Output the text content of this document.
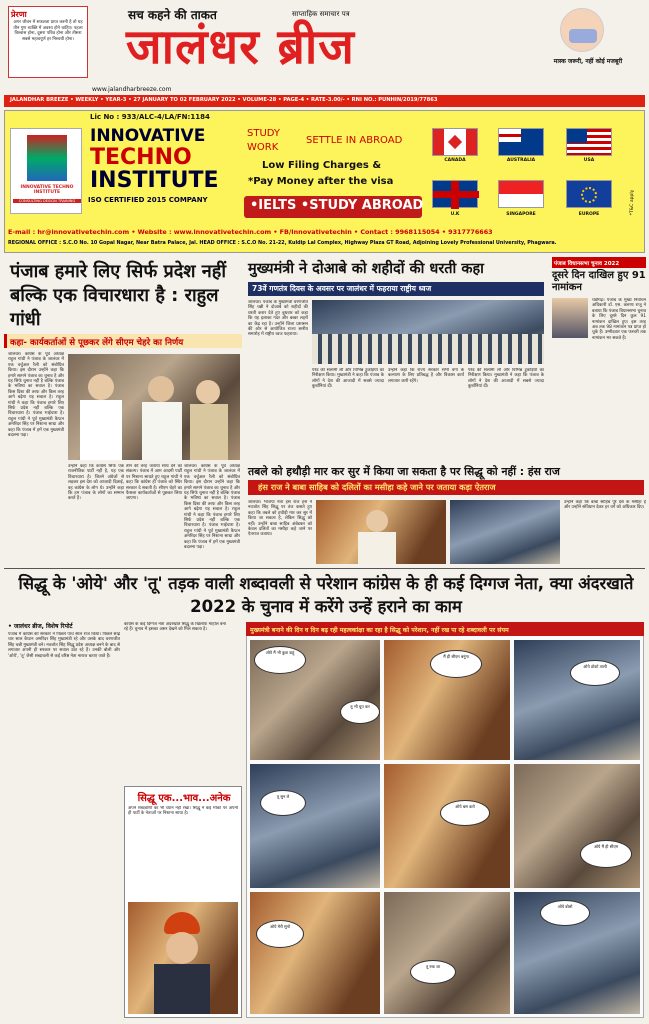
प्रेरणा
अगर जीवन में सफलता प्राप्त करनी है तो यह तीन गुण व्यक्ति में अवश्य होने चाहिए। पहला विश्वास होना, दूसरा पवित्र होना और तीसरा सबसे महत्वपूर्ण हर निश्चयी होना।
सच कहने की ताकत	साप्ताहिक समाचार पत्र
जालंधर ब्रीज	मास्क जरूरी, नहीं कोई मजबूरी
www.jalandharbreeze.com
JALANDHAR BREEZE • WEEKLY • YEAR-3 • 27 JANUARY TO 02 FEBRUARY 2022 • VOLUME-28 • PAGE-4 • RATE-3.00/- • RNI NO.: PUNHIN/2019/77863
Lic No : 933/ALC-4/LA/FN:1184
INNOVATIVE TECHNO INSTITUTE
CONSULTING DESIGN TRAINING
INNOVATIVE
TECHNO
INSTITUTE
ISO CERTIFIED 2015 COMPANY
STUDY
WORK
SETTLE IN ABROAD
Low Filing Charges &
*Pay Money after the visa
•IELTS •STUDY ABROAD
CANADA	AUSTRALIA	USA
U.K	SINGAPORE	EUROPE	*T&C apply
E-mail : hr@innovativetechin.com • Website : www.innovativetechin.com • FB/Innovativetechin • Contact : 9968115054 • 9317776663
REGIONAL OFFICE : S.C.O No. 10 Gopal Nagar, Near Batra Palace, Jal. HEAD OFFICE : S.C.O No. 21-22, Kuldip Lal Complex, Highway Plaza GT Road, Adjoining Lovely Professional University, Phagwara.
पंजाब हमारे लिए सिर्फ प्रदेश नहीं बल्कि एक विचारधारा है : राहुल गांधी
कहा- कार्यकर्ताओं से पूछकर लेंगे सीएम चेहरे का निर्णय
जालंधर। कांग्रेस के पूर्व अध्यक्ष राहुल गांधी ने पंजाब के जालंधर में एक वर्चुअल रैली को संबोधित किया। इस दौरान उन्होंने कहा कि हमारे सामने पंजाब का चुनाव है और यह सिर्फ चुनाव नहीं है बल्कि पंजाब के भविष्य का सवाल है। पंजाब किस दिशा की तरफ और किस तरह आगे बढ़ेगा यह सवाल है। राहुल गांधी ने कहा कि पंजाब हमारे लिए सिर्फ प्रदेश नहीं बल्कि एक विचारधारा है। पंजाब भाईचारा है। राहुल गांधी ने पूर्व मुख्यमंत्री कैप्टन अमरिंदर सिंह पर निशाना साधा और कहा कि पंजाब में हमें एक मुख्यमंत्री बदलना पड़ा।
उन्होंने कहा कि कांग्रेस सिर्फ एक राजनीतिक पार्टी नहीं है, यह एक विचारधारा है। जितने अंग्रेजों से लड़कर इस देश को आजादी दिलाई, वह कांग्रेस के लोग थे। उन्होंने कहा कि हम पंजाब के लोगों का सम्मान करते हैं।
तीन की तरह जताया साथ देने का संकल्प। पंजाब में आम आदमी पार्टी पर निशाना साधते हुए राहुल गांधी ने कहा कि कांग्रेस ही पंजाब को स्थिर सरकार दे सकती है। सीएम चेहरे का फैसला कार्यकर्ताओं से पूछकर लिया जाएगा।
जालंधर। कांग्रेस के पूर्व अध्यक्ष राहुल गांधी ने पंजाब के जालंधर में एक वर्चुअल रैली को संबोधित किया। इस दौरान उन्होंने कहा कि हमारे सामने पंजाब का चुनाव है और यह सिर्फ चुनाव नहीं है बल्कि पंजाब के भविष्य का सवाल है। पंजाब किस दिशा की तरफ और किस तरह आगे बढ़ेगा यह सवाल है। राहुल गांधी ने कहा कि पंजाब हमारे लिए सिर्फ प्रदेश नहीं बल्कि एक विचारधारा है। पंजाब भाईचारा है। राहुल गांधी ने पूर्व मुख्यमंत्री कैप्टन अमरिंदर सिंह पर निशाना साधा और कहा कि पंजाब में हमें एक मुख्यमंत्री बदलना पड़ा।
मुख्यमंत्री ने दोआबे को शहीदों की धरती कहा
73वें गणतंत्र दिवस के अवसर पर जालंधर में फहराया राष्ट्रीय ध्वज
जालंधर। पंजाब के मुख्यमंत्री चरणजीत सिंह चन्नी ने दोआबे को शहीदों की धरती करार देते हुए बुधवार को कहा कि यह इलाका गदर और बब्बर लहरों का केंद्र रहा है। उन्होंने जिला प्रशासन की ओर से आयोजित राज्य स्तरीय समारोह में राष्ट्रीय ध्वज फहराया।
परेड की सलामी ली और विभिन्न टुकड़ियों का निरीक्षण किया। मुख्यमंत्री ने कहा कि पंजाब के लोगों ने देश की आजादी में सबसे ज्यादा कुर्बानियां दीं।
उन्होंने कहा कि राज्य सरकार सभी वर्गों के कल्याण के लिए प्रतिबद्ध है और विकास कार्य लगातार जारी रहेंगे।
परेड की सलामी ली और विभिन्न टुकड़ियों का निरीक्षण किया। मुख्यमंत्री ने कहा कि पंजाब के लोगों ने देश की आजादी में सबसे ज्यादा कुर्बानियां दीं।
पंजाब विधानसभा चुनाव 2022
दूसरे दिन दाखिल हुए 91 नामांकन
चंडीगढ़। पंजाब के मुख्य निर्वाचन अधिकारी डॉ. एस. करुणा राजू ने बताया कि पंजाब विधानसभा चुनाव के लिए दूसरे दिन कुल 91 नामांकन दाखिल हुए। इस तरह अब तक 98 नामांकन पत्र प्राप्त हो चुके हैं। उम्मीदवार एक फरवरी तक नामांकन भर सकते हैं।
तबले को हथौड़ी मार कर सुर में किया जा सकता है पर सिद्धू को नहीं : हंस राज
हंस राज ने बाबा साहिब को दलितों का मसीहा कहे जाने पर जताया कड़ा ऐतराज
जालंधर। भाजपा नेता हंस राज हंस ने नवजोत सिंह सिद्धू पर तंज कसते हुए कहा कि तबले को हथौड़ी मार कर सुर में किया जा सकता है, लेकिन सिद्धू को नहीं। उन्होंने बाबा साहिब अंबेडकर को केवल दलितों का मसीहा कहे जाने पर ऐतराज जताया।
उन्होंने कहा कि बाबा साहिब पूरे देश के मसीहा हैं और उन्होंने संविधान देकर हर वर्ग को अधिकार दिए।
सिद्धू के 'ओये' और 'तू' तड़क वाली शब्दावली से परेशान कांग्रेस के ही कई दिग्गज नेता, क्या अंदरखाते 2022 के चुनाव में करेंगे उन्हें हराने का काम
• जालंधर ब्रीज, विशेष रिपोर्ट
पंजाब में कांग्रेस की सरकार ने पिछले पांच साल राज किया। पिछले साढ़े चार साल कैप्टन अमरिंदर सिंह मुख्यमंत्री रहे और उसके बाद चरणजीत सिंह चन्नी मुख्यमंत्री बने। नवजोत सिंह सिद्धू प्रदेश अध्यक्ष बनने के बाद से लगातार अपनी ही सरकार पर सवाल उठा रहे हैं। उनकी बोली और 'ओये', 'तू' जैसी शब्दावली से कई वरिष्ठ नेता नाराज बताए जाते हैं।
कांग्रेस के कई दिग्गज नेता अंदरखाते सिद्धू के खिलाफ माहौल बना रहे हैं। चुनाव में इसका असर देखने को मिल सकता है।
सिद्धू एक...भाव...अनेक
अपने शब्दबाणों का भी ध्यान नहीं रखा। सिद्धू ने कई मौकों पर अपनी ही पार्टी के नेताओं पर निशाना साधा है।
मुख्यमंत्री बनाने की दिन व दिन बढ़ रही महत्वकांक्षा का रहा है सिद्धू को परेशान, नहीं रख पा रहे शब्दावली पर संयम
ओये मैं भी कुछ कहूं
तू भी चुप कर
मैं ही सीएम बनूंगा
ओये ठोको ताली
तू सुन ले
ओये बस करो
ओये मैं ही सीएम
ओये मेरी सुनो
तू रुक जा
ओये बोलो
